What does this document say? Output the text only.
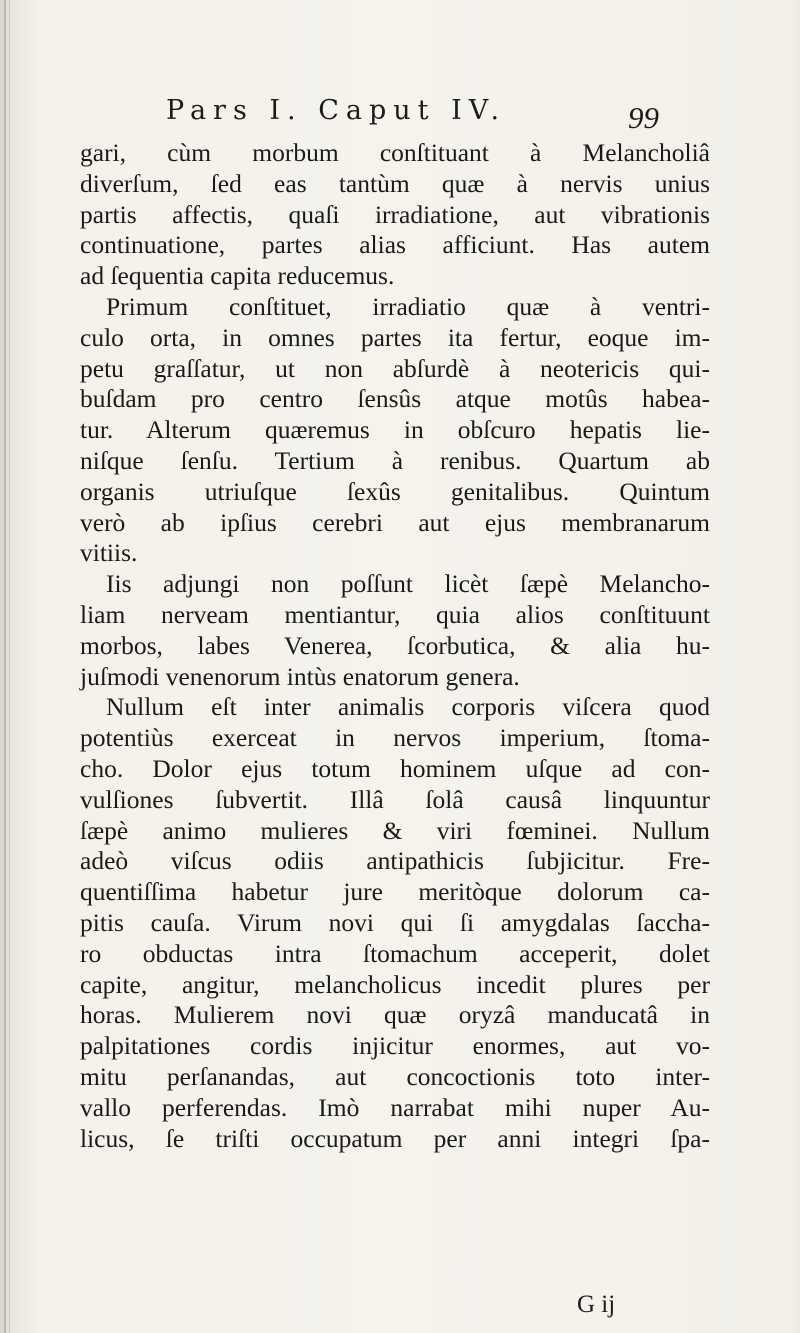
Pars I. Caput IV.	99
gari, cùm morbum conſtituant à Melancholiâ
diverſum, ſed eas tantùm quæ à nervis unius
partis affectis, quaſi irradiatione, aut vibrationis
continuatione, partes alias afficiunt. Has autem
ad ſequentia capita reducemus.
Primum conſtituet, irradiatio quæ à ventri-
culo orta, in omnes partes ita fertur, eoque im-
petu graſſatur, ut non abſurdè à neotericis qui-
buſdam pro centro ſensûs atque motûs habea-
tur. Alterum quæremus in obſcuro hepatis lie-
niſque ſenſu. Tertium à renibus. Quartum ab
organis utriuſque ſexûs genitalibus. Quintum
verò ab ipſius cerebri aut ejus membranarum
vitiis.
Iis adjungi non poſſunt licèt ſæpè Melancho-
liam nerveam mentiantur, quia alios conſtituunt
morbos, labes Venerea, ſcorbutica, & alia hu-
juſmodi venenorum intùs enatorum genera.
Nullum eſt inter animalis corporis viſcera quod
potentiùs exerceat in nervos imperium, ſtoma-
cho. Dolor ejus totum hominem uſque ad con-
vulſiones ſubvertit. Illâ ſolâ causâ linquuntur
ſæpè animo mulieres & viri fœminei. Nullum
adeò viſcus odiis antipathicis ſubjicitur. Fre-
quentiſſima habetur jure meritòque dolorum ca-
pitis cauſa. Virum novi qui ſi amygdalas ſaccha-
ro obductas intra ſtomachum acceperit, dolet
capite, angitur, melancholicus incedit plures per
horas. Mulierem novi quæ oryzâ manducatâ in
palpitationes cordis injicitur enormes, aut vo-
mitu perſanandas, aut concoctionis toto inter-
vallo perferendas. Imò narrabat mihi nuper Au-
licus, ſe triſti occupatum per anni integri ſpa-
G ij
